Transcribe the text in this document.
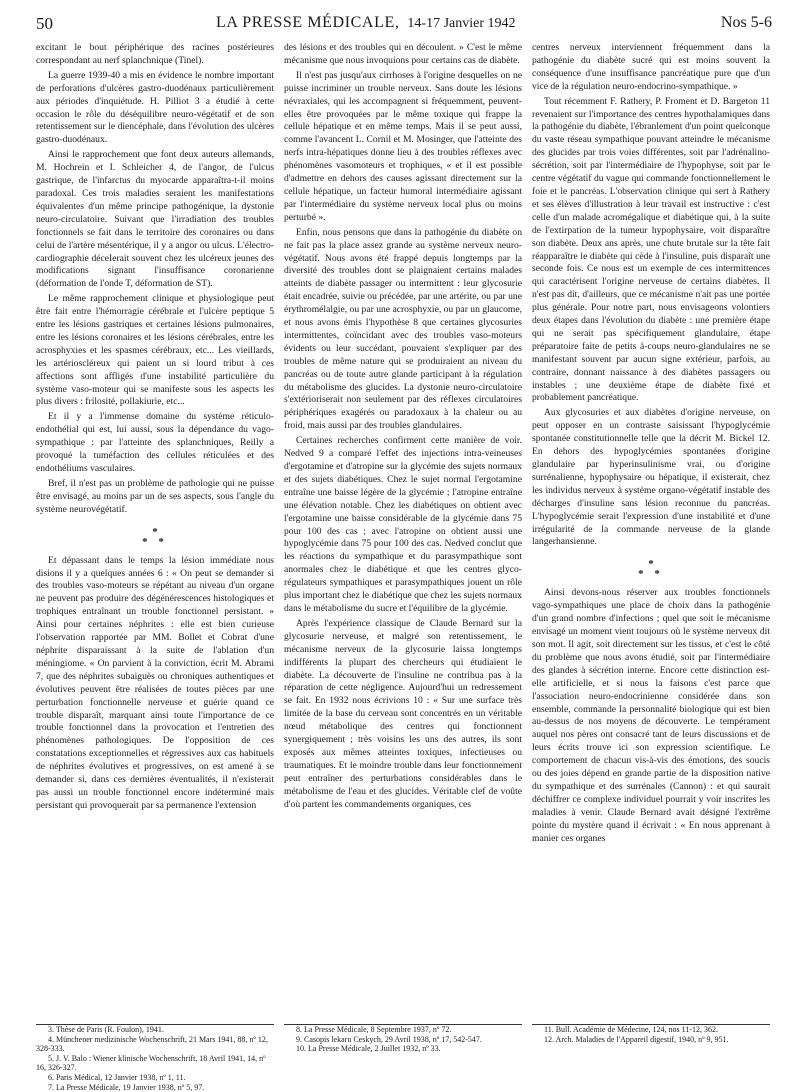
50	LA PRESSE MÉDICALE, 14-17 Janvier 1942	Nos 5-6

excitant le bout périphérique des racines postérieures correspondant au nerf splanchnique (Tinel).

La guerre 1939-40 a mis en évidence le nombre important de perforations d'ulcères gastro-duodénaux particulièrement aux périodes d'inquiétude. H. Pilliot 3 a étudié à cette occasion le rôle du déséquilibre neuro-végétatif et de son retentissement sur le diencéphale, dans l'évolution des ulcères gastro-duodénaux.

Ainsi le rapprochement que font deux auteurs allemands, M. Hochrein et I. Schleicher 4, de l'angor, de l'ulcus gastrique, de l'infarctus du myocarde apparaîtra-t-il moins paradoxal. Ces trois maladies seraient les manifestations équivalentes d'un même principe pathogénique, la dystonie neuro-circulatoire. Suivant que l'irradiation des troubles fonctionnels se fait dans le territoire des coronaires ou dans celui de l'artère mésentérique, il y a angor ou ulcus. L'électro-cardiographie déceIerait souvent chez les ulcéreux jeunes des modifications signant l'insuffisance coronarienne (déformation de l'onde T, déformation de ST).

Le même rapprochement clinique et physiologique peut être fait entre l'hémorragie cérébrale et l'ulcère peptique 5 entre les lésions gastriques et certaines lésions pulmonaires, entre les lésions coronaires et les lésions cérébrales, entre les acrosphyxies et les spasmes cérébraux, etc... Les vieillards, les artérioscléreux qui paient un si lourd tribut à ces affections sont affligés d'une instabilité particulière du système vaso-moteur qui se manifeste sous les aspects les plus divers : frilosité, pollakiurie, etc...

Et il y a l'immense domaine du système réticulo-endothélial qui est, lui aussi, sous la dépendance du vago-sympathique : par l'atteinte des splanchniques, Reilly a provoqué la tuméfaction des cellules réticulées et des endothéliums vasculaires.

Bref, il n'est pas un problème de pathologie qui ne puisse être envisagé, au moins par un de ses aspects, sous l'angle du système neurovégétatif.

*
* *

Et dépassant dans le temps la lésion immédiate nous disions il y a quelques années 6 : « On peut se demander si des troubles vaso-moteurs se répétant au niveau d'un organe ne peuvent pas produire des dégénérescences histologiques et trophiques entraînant un trouble fonctionnel persistant. » Ainsi pour certaines néphrites : elle est bien curieuse l'observation rapportée par MM. Bollet et Cobrat d'une néphrite disparaissant à la suite de l'ablation d'un méningiome. « On parvient à la conviction, écrit M. Abrami 7, que des néphrites subaiguës ou chroniques authentiques et évolutives peuvent être réalisées de toutes pièces par une perturbation fonctionnelle nerveuse et guérie quand ce trouble disparaît, marquant ainsi toute l'importance de ce trouble fonctionnel dans la provocation et l'entretien des phénomènes pathologiques. De l'opposition de ces constatations exceptionnelles et régressives aux cas habituels de néphrites évolutives et progressives, on est amené à se demander si, dans ces dernières éventualités, il n'existerait pas aussi un trouble fonctionnel encore indéterminé mais persistant qui provoquerait par sa permanence l'extension

des lésions et des troubles qui en découlent. » C'est le même mécanisme que nous invoquions pour certains cas de diabète.

Il n'est pas jusqu'aux cirrhoses à l'origine desquelles on ne puisse incriminer un trouble nerveux. Sans doute les lésions névraxiales, qui les accompagnent si fréquemment, peuvent-elles être provoquées par le même toxique qui frappe la cellule hépatique et en même temps. Mais il se peut aussi, comme l'avancent L. Cornil et M. Mosinger, que l'atteinte des nerfs intra-hépatiques donne lieu à des troubles réflexes avec phénomènes vasomoteurs et trophiques, « et il est possible d'admettre en dehors des causes agissant directement sur la cellule hépatique, un facteur humoral intermédiaire agissant par l'intermédiaire du système nerveux local plus ou moins perturbé ».

Enfin, nous pensons que dans la pathogénie du diabète on ne fait pas la place assez grande au système nerveux neuro-végétatif. Nous avons été frappé depuis longtemps par la diversité des troubles dont se plaignaient certains malades atteints de diabète passager ou intermittent : leur glycosurie était encadrée, suivie ou précédée, par une artérite, ou par une érythromélalgie, ou par une acrosphyxie, ou par un glaucome, et nous avons émis l'hypothèse 8 que certaines glycosuries intermittentes, coïncidant avec des troubles vaso-moteurs évidents ou leur succédant, pouvaient s'expliquer par des troubles de même nature qui se produiraient au niveau du pancréas ou de toute autre glande participant à la régulation du métabolisme des glucides. La dystonie neuro-circulatoire s'extérioriserait non seulement par des réflexes circulatoires périphériques exagérés ou paradoxaux à la chaleur ou au froid, mais aussi par des troubles glandulaires.

Certaines recherches confirment cette manière de voir. Nedved 9 a comparé l'effet des injections intra-veineuses d'ergotamine et d'atropine sur la glycémie des sujets normaux et des sujets diabétiques. Chez le sujet normal l'ergotamine entraîne une baisse légère de la glycémie ; l'atropine entraîne une élévation notable. Chez les diabétiques on obtient avec l'ergotamine une baisse considérable de la glycémie dans 75 pour 100 des cas ; avec l'atropine on obtient aussi une hypoglycémie dans 75 pour 100 des cas. Nedved conclut que les réactions du sympathique et du parasympathique sont anormales chez le diabétique et que les centres glyco-régulateurs sympathiques et parasympathiques jouent un rôle plus important chez le diabétique que chez les sujets normaux dans le métabolisme du sucre et l'équilibre de la glycémie.

Après l'expérience classique de Claude Bernard sur la glycosurie nerveuse, et malgré son retentissement, le mécanisme nerveux de la glycosurie laissa longtemps indifférents la plupart des chercheurs qui étudiaient le diabète. La découverte de l'insuline ne contribua pas à la réparation de cette négligence. Aujourd'hui un redressement se fait. En 1932 nous écrivions 10 : « Sur une surface très limitée de la base du cerveau sont concentrés en un véritable nœud métabolique des centres qui fonctionnent synergiquement ; très voisins les uns des autres, ils sont exposés aux mêmes atteintes toxiques, infectieuses ou traumatiques. Et le moindre trouble dans leur fonctionnement peut entraîner des perturbations considérables dans le métabolisme de l'eau et des glucides. Véritable clef de voûte d'où partent les commandements organiques, ces

centres nerveux interviennent fréquemment dans la pathogénie du diabète sucré qui est moins souvent la conséquence d'une insuffisance pancréatique pure que d'un vice de la régulation neuro-endocrino-sympathique. »

Tout récemment F. Rathery, P. Froment et D. Bargeton 11 revenaient sur l'importance des centres hypothalamiques dans la pathogénie du diabète, l'ébranlement d'un point quelconque du vaste réseau sympathique pouvant atteindre le mécanisme des glucides par trois voies différentes, soit par l'adrénalino-sécrétion, soit par l'intermédiaire de l'hypophyse, soit par le centre végétatif du vague qui commande fonctionnellement le foie et le pancréas. L'observation clinique qui sert à Rathery et ses élèves d'illustration à leur travail est instructive : c'est celle d'un malade acromégalique et diabétique qui, à la suite de l'extirpation de la tumeur hypophysaire, voit disparaître son diabète. Deux ans après, une chute brutale sur la tête fait réapparaître le diabète qui cède à l'insuline, puis disparaît une seconde fois. Ce nous est un exemple de ces intermittences qui caractérisent l'origine nerveuse de certains diabètes. Il n'est pas dit, d'ailleurs, que ce mécanisme n'ait pas une portée plus générale. Pour notre part, nous envisageons volontiers deux étapes dans l'évolution du diabète : une première étape qui ne serait pas spécifiquement glandulaire, étape préparatoire faite de petits à-coups neuro-glandulaires ne se manifestant souvent par aucun signe extérieur, parfois, au contraire, donnant naissance à des diabètes passagers ou instables ; une deuxième étape de diabète fixé et probablement pancréatique.

Aux glycosuries et aux diabètes d'origine nerveuse, on peut opposer en un contraste saisissant l'hypoglycémie spontanée constitutionnelle telle que la décrit M. Bickel 12. En dehors des hypoglycémies spontanées d'origine glandulaire par hyperinsulinisme vrai, ou d'origine surrénalienne, hypophysaire ou hépatique, il existerait, chez les individus nerveux à système organo-végétatif instable des décharges d'insuline sans lésion reconnue du pancréas. L'hypoglycémie serait l'expression d'une instabilité et d'une irrégularité de la commande nerveuse de la glande langerhansienne.

*
* *

Ainsi devons-nous réserver aux troubles fonctionnels vago-sympathiques une place de choix dans la pathogénie d'un grand nombre d'infections ; quel que soit le mécanisme envisagé un moment vient toujours où le système nerveux dit son mot. Il agit, soit directement sur les tissus, et c'est le côté du problème que nous avons étudié, soit par l'intermédiaire des glandes à sécrétion interne. Encore cette distinction est-elle artificielle, et si nous la faisons c'est parce que l'association neuro-endocrinienne considérée dans son ensemble, commande la personnalité biologique qui est bien au-dessus de nos moyens de découverte. Le tempérament auquel nos pères ont consacré tant de leurs discussions et de leurs écrits trouve ici son expression scientifique. Le comportement de chacun vis-à-vis des émotions, des soucis ou des joies dépend en grande partie de la disposition native du sympathique et des surrénales (Cannon) : et qui saurait déchiffrer ce complexe individuel pourrait y voir inscrites les maladies à venir. Claude Bernard avait désigné l'extrême pointe du mystère quand il écrivait : « En nous apprenant à manier ces organes

3. Thèse de Paris (R. Foulon), 1941.

4. Münchener medizinische Wochenschrift, 21 Mars 1941, 88, nº 12, 328-333.

5. J. V. Balo : Wiener klinische Wochenschrift, 18 Avril 1941, 14, nº 16, 326-327.

6. Paris Médical, 12 Janvier 1938, nº 1, 11.

7. La Presse Médicale, 19 Janvier 1938, nº 5, 97.

8. La Presse Médicale, 8 Septembre 1937, nº 72.

9. Casopis lekaru Ceskych, 29 Avril 1938, nº 17, 542-547.

10. La Presse Médicale, 2 Juillet 1932, nº 33.

11. Bull. Académie de Médecine, 124, nos 11-12, 362.

12. Arch. Maladies de l'Appareil digestif, 1940, nº 9, 951.
